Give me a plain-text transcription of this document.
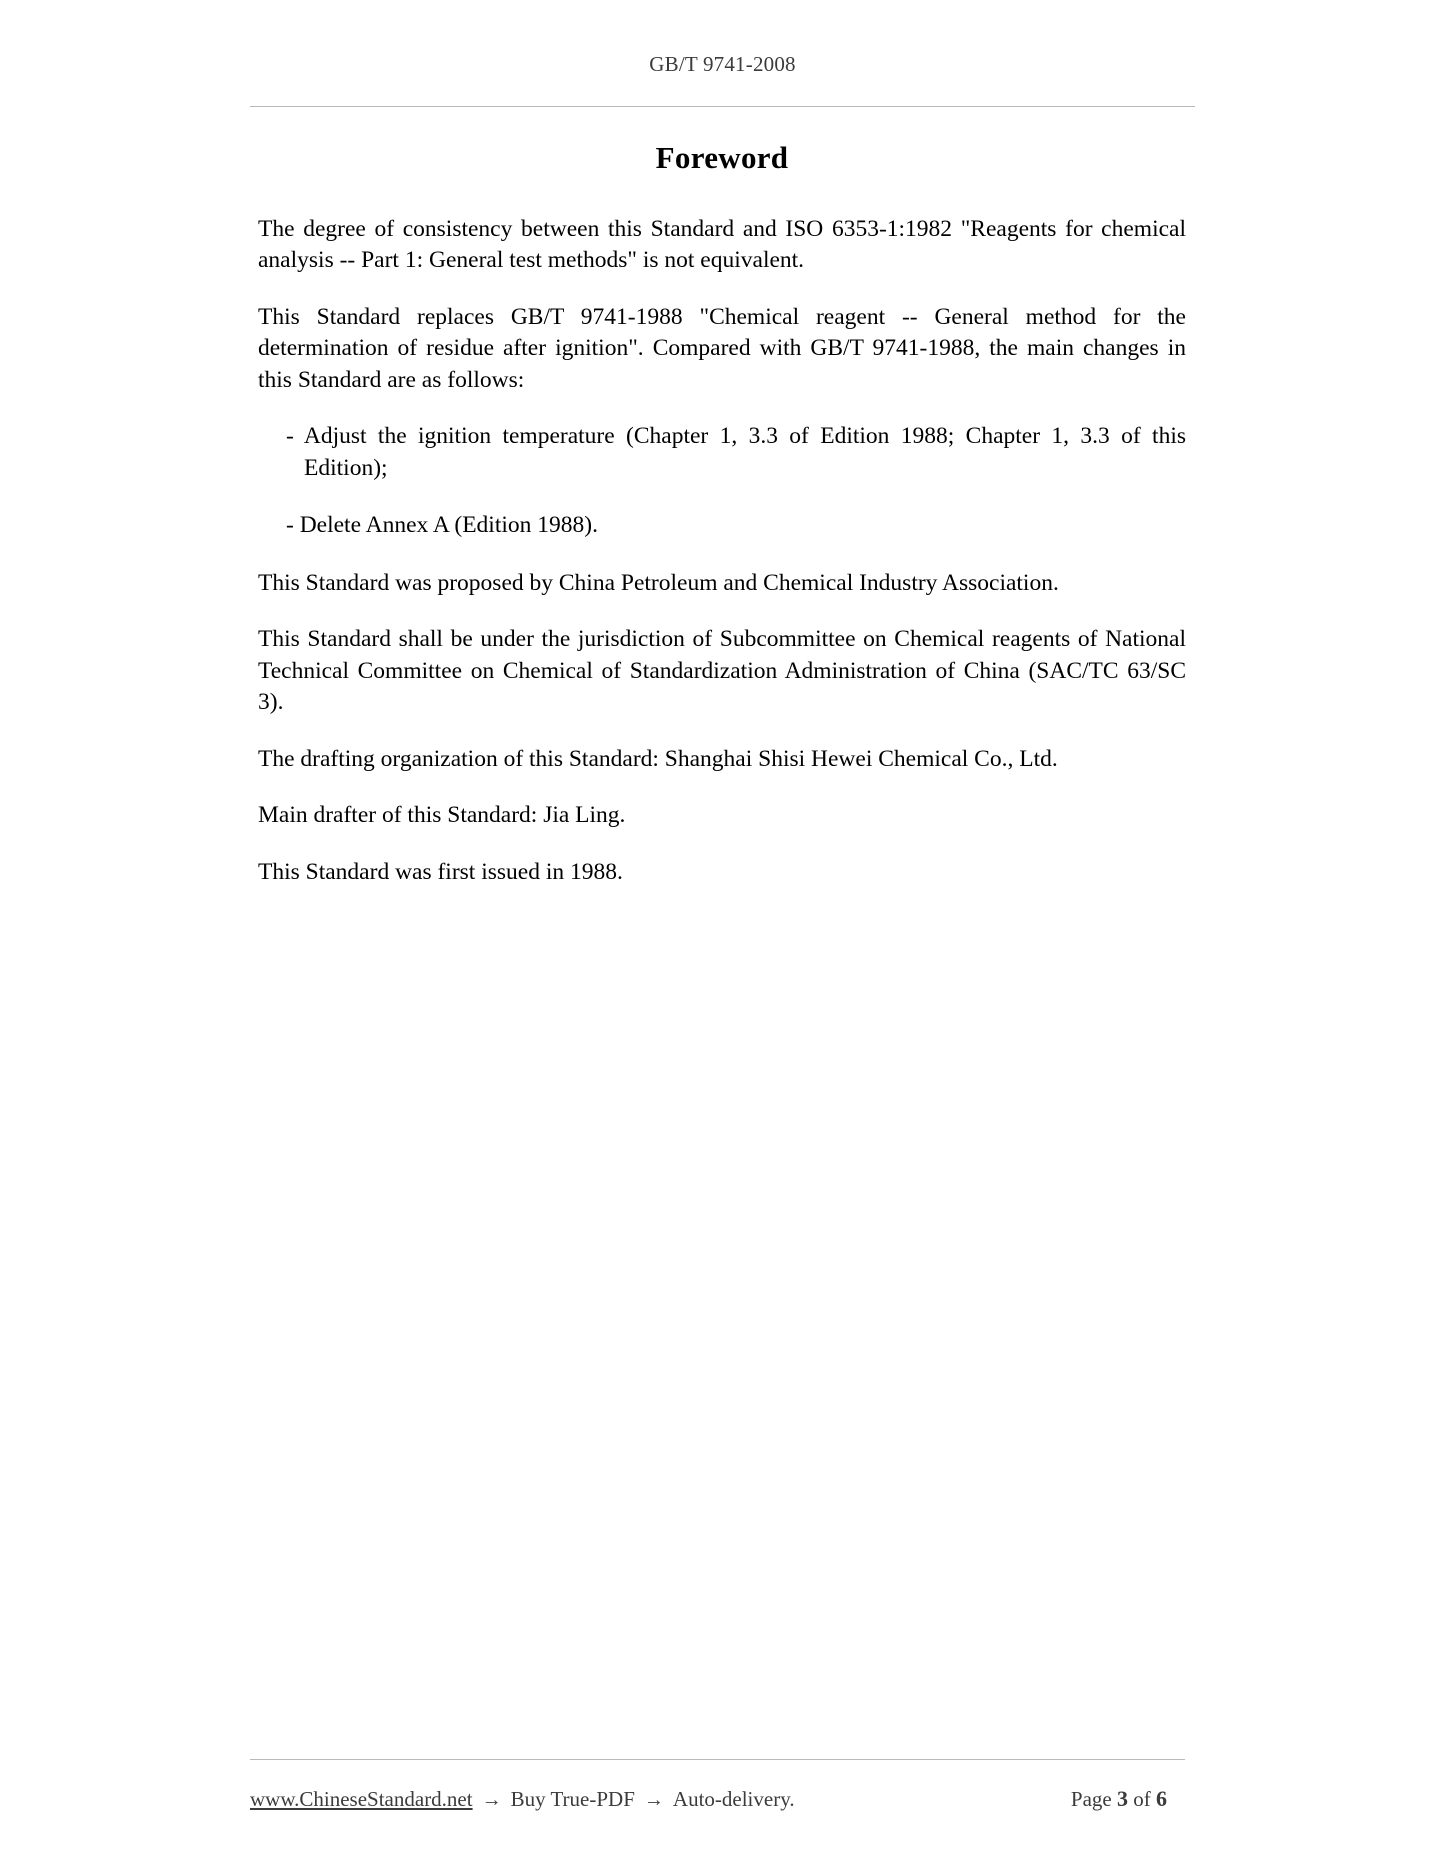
GB/T 9741-2008
Foreword

The degree of consistency between this Standard and ISO 6353-1:1982 "Reagents for chemical analysis -- Part 1: General test methods" is not equivalent.

This Standard replaces GB/T 9741-1988 "Chemical reagent -- General method for the determination of residue after ignition". Compared with GB/T 9741-1988, the main changes in this Standard are as follows:

- Adjust the ignition temperature (Chapter 1, 3.3 of Edition 1988; Chapter 1, 3.3 of this Edition);
- Delete Annex A (Edition 1988).

This Standard was proposed by China Petroleum and Chemical Industry Association.

This Standard shall be under the jurisdiction of Subcommittee on Chemical reagents of National Technical Committee on Chemical of Standardization Administration of China (SAC/TC 63/SC 3).

The drafting organization of this Standard: Shanghai Shisi Hewei Chemical Co., Ltd.

Main drafter of this Standard: Jia Ling.

This Standard was first issued in 1988.

www.ChineseStandard.net → Buy True-PDF → Auto-delivery.	Page 3 of 6
